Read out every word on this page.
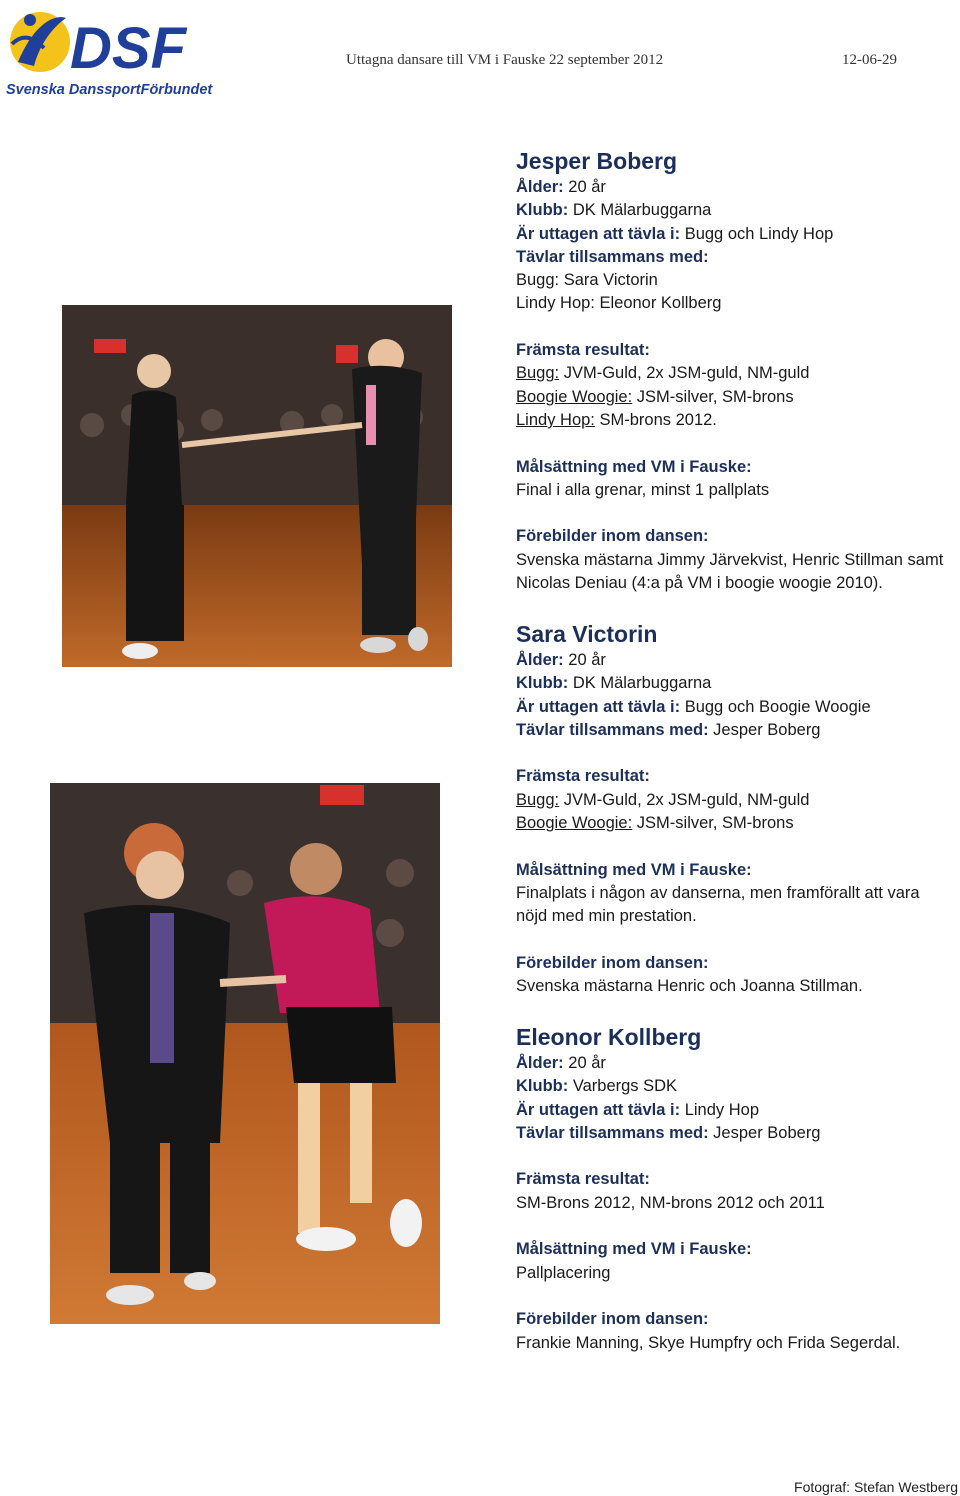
DSF
Svenska DanssportFörbundet
Uttagna dansare till VM i Fauske 22 september 2012	12-06-29
Jesper Boberg
Ålder: 20 år
Klubb: DK Mälarbuggarna
Är uttagen att tävla i: Bugg och Lindy Hop
Tävlar tillsammans med:
Bugg: Sara Victorin
Lindy Hop: Eleonor Kollberg
Främsta resultat:
Bugg: JVM-Guld, 2x JSM-guld, NM-guld
Boogie Woogie: JSM-silver, SM-brons
Lindy Hop: SM-brons 2012.
Målsättning med VM i Fauske:
Final i alla grenar, minst 1 pallplats
Förebilder inom dansen:
Svenska mästarna Jimmy Järvekvist, Henric Stillman samt
Nicolas Deniau (4:a på VM i boogie woogie 2010).
Sara Victorin
Ålder: 20 år
Klubb: DK Mälarbuggarna
Är uttagen att tävla i: Bugg och Boogie Woogie
Tävlar tillsammans med: Jesper Boberg
Främsta resultat:
Bugg: JVM-Guld, 2x JSM-guld, NM-guld
Boogie Woogie: JSM-silver, SM-brons
Målsättning med VM i Fauske:
Finalplats i någon av danserna, men framförallt att vara
nöjd med min prestation.
Förebilder inom dansen:
Svenska mästarna Henric och Joanna Stillman.
Eleonor Kollberg
Ålder: 20 år
Klubb: Varbergs SDK
Är uttagen att tävla i: Lindy Hop
Tävlar tillsammans med: Jesper Boberg
Främsta resultat:
SM-Brons 2012, NM-brons 2012 och 2011
Målsättning med VM i Fauske:
Pallplacering
Förebilder inom dansen:
Frankie Manning, Skye Humpfry och Frida Segerdal.
Fotograf: Stefan Westberg
